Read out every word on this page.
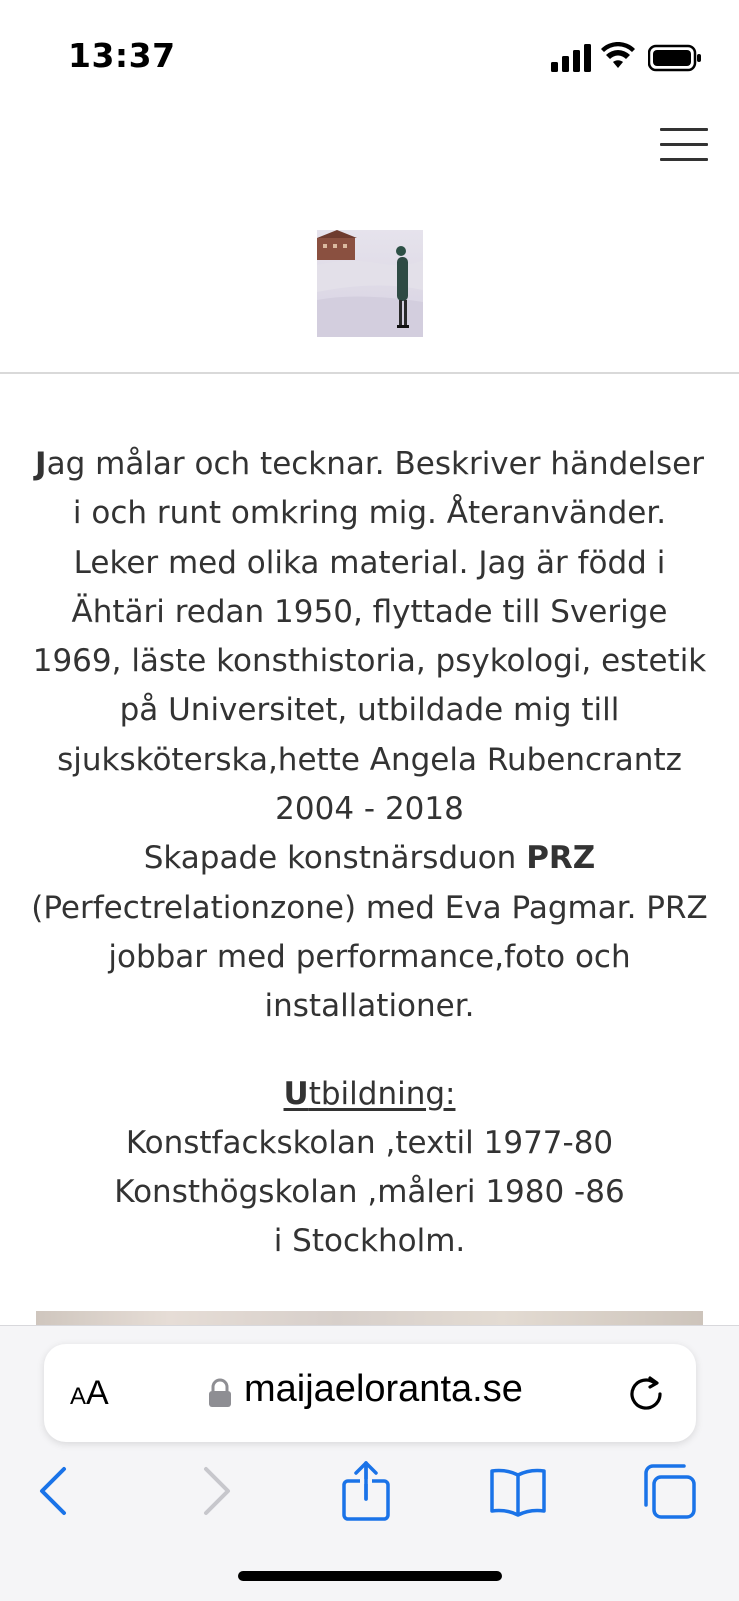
13:37

Jag målar och tecknar. Beskriver händelser i och runt omkring mig. Återanvänder. Leker med olika material. Jag är född i Ähtäri redan 1950, flyttade till Sverige 1969, läste konsthistoria, psykologi, estetik på Universitet, utbildade mig till sjuksköterska,hette Angela Rubencrantz 2004 - 2018

Skapade konstnärsduon PRZ
(Perfectrelationzone) med Eva Pagmar. PRZ jobbar med performance,foto och installationer.

Utbildning:

Konstfackskolan ,textil 1977-80

Konsthögskolan ,måleri 1980 -86

i Stockholm.

AA	maijaeloranta.se
